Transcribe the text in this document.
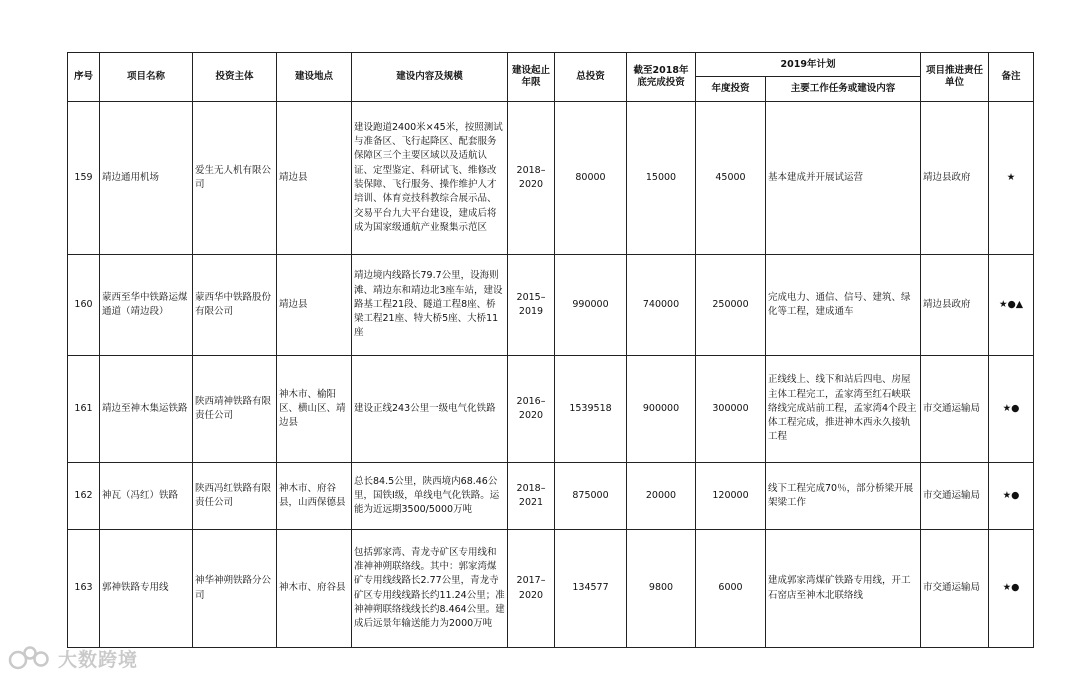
序号	项目名称	投资主体	建设地点	建设内容及规模	建设起止年限	总投资	截至2018年底完成投资	2019年计划		项目推进责任单位	备注
								年度投资	主要工作任务或建设内容		
159	靖边通用机场	爱生无人机有限公司	靖边县	建设跑道2400米×45米，按照测试与准备区、飞行起降区、配套服务保障区三个主要区域以及适航认证、定型鉴定、科研试飞、维修改装保障、飞行服务、操作维护人才培训、体育竞技科教综合展示品、交易平台九大平台建设，建成后将成为国家级通航产业聚集示范区	2018–2020	80000	15000	45000	基本建成并开展试运营	靖边县政府	★
160	蒙西至华中铁路运煤通道（靖边段）	蒙西华中铁路股份有限公司	靖边县	靖边境内线路长79.7公里，设海则滩、靖边东和靖边北3座车站，建设路基工程21段、隧道工程8座、桥梁工程21座、特大桥5座、大桥11座	2015–2019	990000	740000	250000	完成电力、通信、信号、建筑、绿化等工程，建成通车	靖边县政府	★●▲
161	靖边至神木集运铁路	陕西靖神铁路有限责任公司	神木市、榆阳区、横山区、靖边县	建设正线243公里一级电气化铁路	2016–2020	1539518	900000	300000	正线线上、线下和站后四电、房屋主体工程完工，孟家湾至红石峡联络线完成站前工程，孟家湾4个段主体工程完成，推进神木西永久接轨工程	市交通运输局	★●
162	神瓦（冯红）铁路	陕西冯红铁路有限责任公司	神木市、府谷县，山西保德县	总长84.5公里，陕西境内68.46公里，国铁Ⅰ级，单线电气化铁路。运能为近远期3500/5000万吨	2018–2021	875000	20000	120000	线下工程完成70％，部分桥梁开展架梁工作	市交通运输局	★●
163	郭神铁路专用线	神华神朔铁路分公司	神木市、府谷县	包括郭家湾、青龙寺矿区专用线和准神神朔联络线。其中：郭家湾煤矿专用线线路长2.77公里，青龙寺矿区专用线线路长约11.24公里；准神神朔联络线线长约8.464公里。建成后远景年输送能力为2000万吨	2017–2020	134577	9800	6000	建成郭家湾煤矿铁路专用线，开工石窑店至神木北联络线	市交通运输局	★●
大数跨境
